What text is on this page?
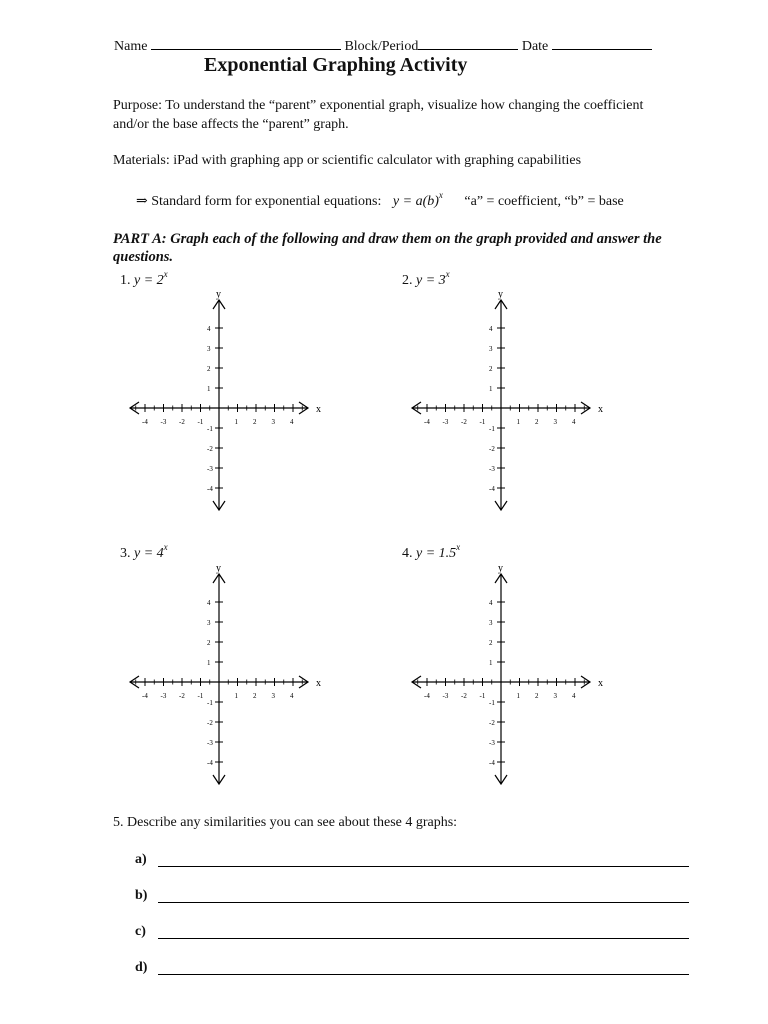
Name	Block/Period	Date
Exponential Graphing Activity
Purpose: To understand the “parent” exponential graph, visualize how changing the coefficient and/or the base affects the “parent” graph.
Materials: iPad with graphing app or scientific calculator with graphing capabilities
⇒ Standard form for exponential equations: $y = a(b)^x$ “a” = coefficient, “b” = base
PART A: Graph each of the following and draw them on the graph provided and answer the questions.
1. $y = 2^x$	2. $y = 3^x$
3. $y = 4^x$	4. $y = 1.5^x$
x
y
-4 -3 -2 -1	1 2 3 4
4
3
2
1
-1
-2
-3
-4
x
y
-4 -3 -2 -1	1 2 3 4
4
3
2
1
-1
-2
-3
-4
x
y
-4 -3 -2 -1	1 2 3 4
4
3
2
1
-1
-2
-3
-4
x
y
-4 -3 -2 -1	1 2 3 4
4
3
2
1
-1
-2
-3
-4
5. Describe any similarities you can see about these 4 graphs:
a)
b)
c)
d)
